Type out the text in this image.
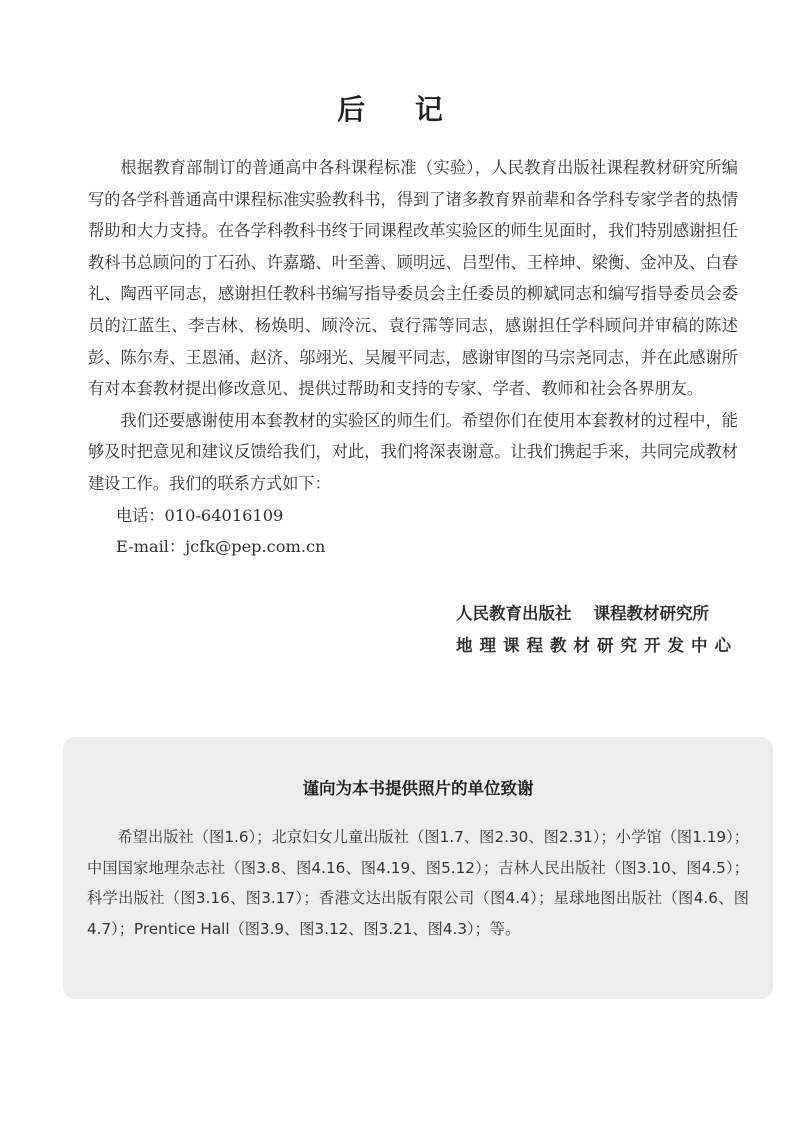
后 记

根据教育部制订的普通高中各科课程标准（实验），人民教育出版社课程教材研究所编写的各学科普通高中课程标准实验教科书，得到了诸多教育界前辈和各学科专家学者的热情帮助和大力支持。在各学科教科书终于同课程改革实验区的师生见面时，我们特别感谢担任教科书总顾问的丁石孙、许嘉璐、叶至善、顾明远、吕型伟、王梓坤、梁衡、金冲及、白春礼、陶西平同志，感谢担任教科书编写指导委员会主任委员的柳斌同志和编写指导委员会委员的江蓝生、李吉林、杨焕明、顾泠沅、袁行霈等同志，感谢担任学科顾问并审稿的陈述彭、陈尔寿、王恩涌、赵济、邬翊光、吴履平同志，感谢审图的马宗尧同志，并在此感谢所有对本套教材提出修改意见、提供过帮助和支持的专家、学者、教师和社会各界朋友。

我们还要感谢使用本套教材的实验区的师生们。希望你们在使用本套教材的过程中，能够及时把意见和建议反馈给我们，对此，我们将深表谢意。让我们携起手来，共同完成教材建设工作。我们的联系方式如下：

电话：010-64016109

E-mail：jcfk@pep.com.cn

人民教育出版社 课程教材研究所
地理课程教材研究开发中心
谨向为本书提供照片的单位致谢

希望出版社（图1.6）；北京妇女儿童出版社（图1.7、图2.30、图2.31）；小学馆（图1.19）；中国国家地理杂志社（图3.8、图4.16、图4.19、图5.12）；吉林人民出版社（图3.10、图4.5）；科学出版社（图3.16、图3.17）；香港文达出版有限公司（图4.4）；星球地图出版社（图4.6、图4.7）；Prentice Hall（图3.9、图3.12、图3.21、图4.3）；等。
